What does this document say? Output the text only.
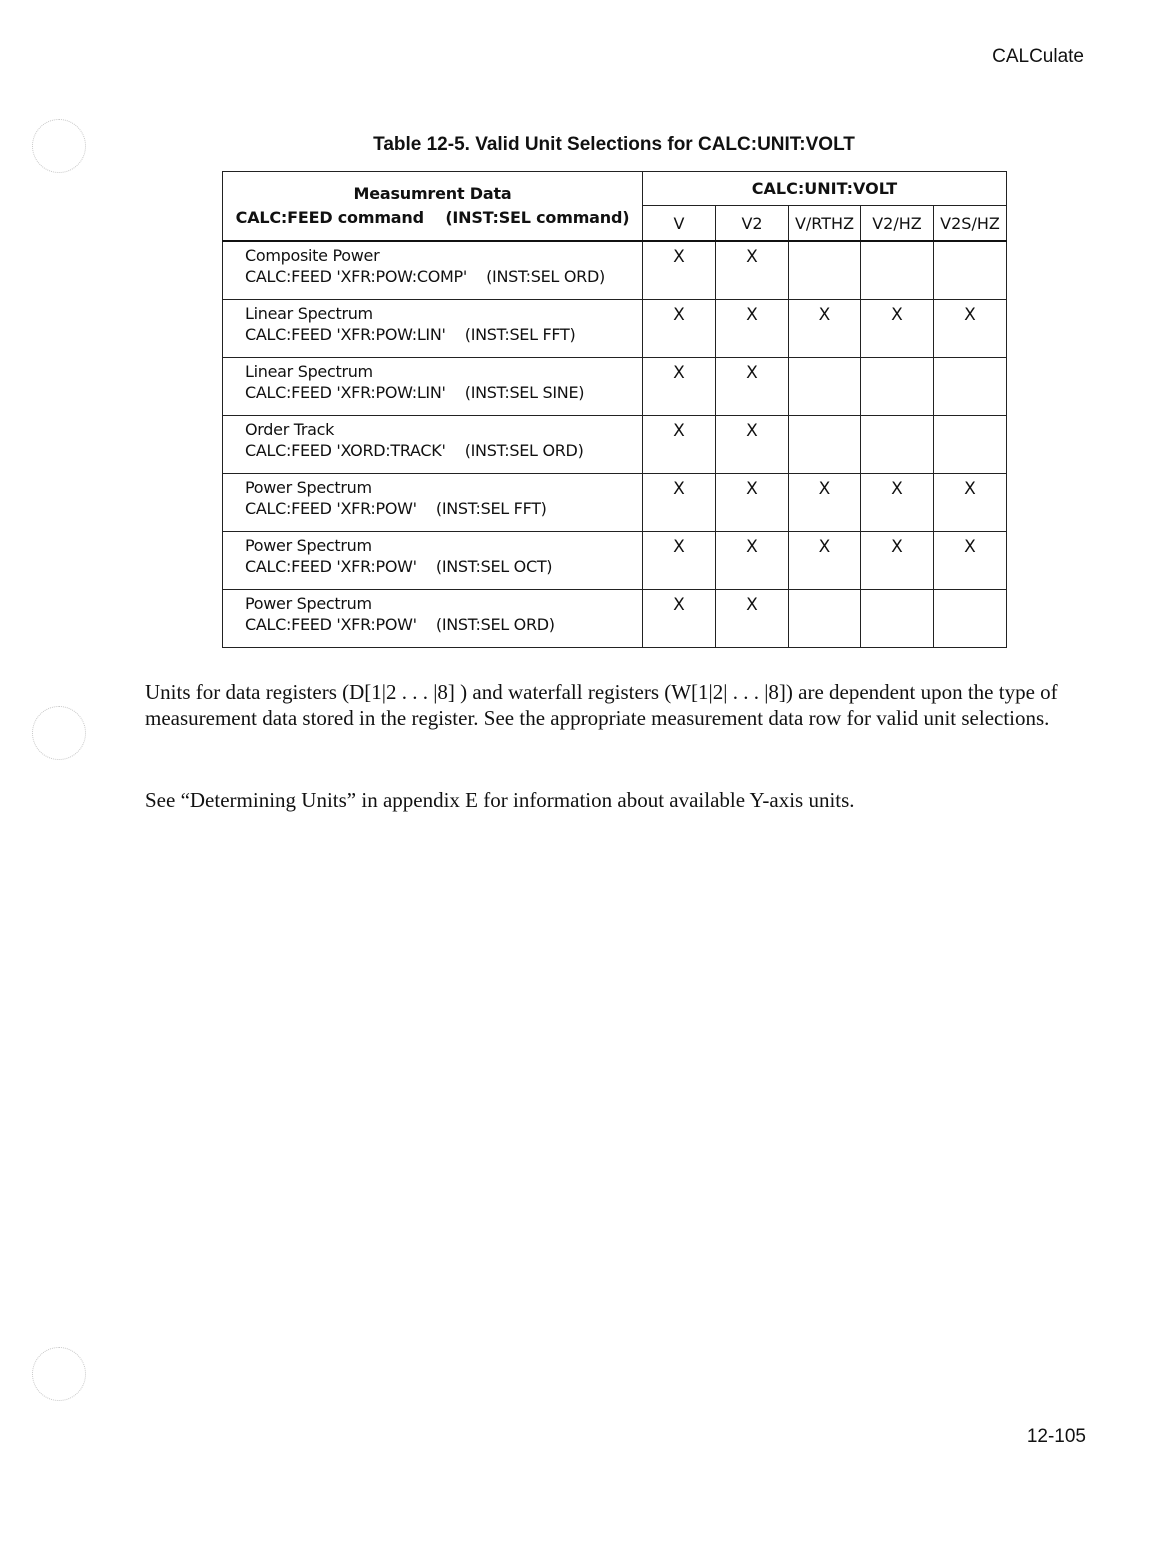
CALCulate
Table 12-5. Valid Unit Selections for CALC:UNIT:VOLT
Measumrent Data
CALC:FEED command    (INST:SEL command)	CALC:UNIT:VOLT				
	V	V2	V/RTHZ	V2/HZ	V2S/HZ

Composite Power
CALC:FEED 'XFR:POW:COMP'    (INST:SEL ORD)	X	X			

Linear Spectrum
CALC:FEED 'XFR:POW:LIN'    (INST:SEL FFT)	X	X	X	X	X

Linear Spectrum
CALC:FEED 'XFR:POW:LIN'    (INST:SEL SINE)	X	X			

Order Track
CALC:FEED 'XORD:TRACK'    (INST:SEL ORD)	X	X			

Power Spectrum
CALC:FEED 'XFR:POW'    (INST:SEL FFT)	X	X	X	X	X

Power Spectrum
CALC:FEED 'XFR:POW'    (INST:SEL OCT)	X	X	X	X	X

Power Spectrum
CALC:FEED 'XFR:POW'    (INST:SEL ORD)	X	X			

Units for data registers (D[1|2 . . . |8] ) and waterfall registers (W[1|2| . . . |8]) are dependent upon the type of measurement data stored in the register. See the appropriate measurement data row for valid unit selections.

See “Determining Units” in appendix E for information about available Y-axis units.

12-105
